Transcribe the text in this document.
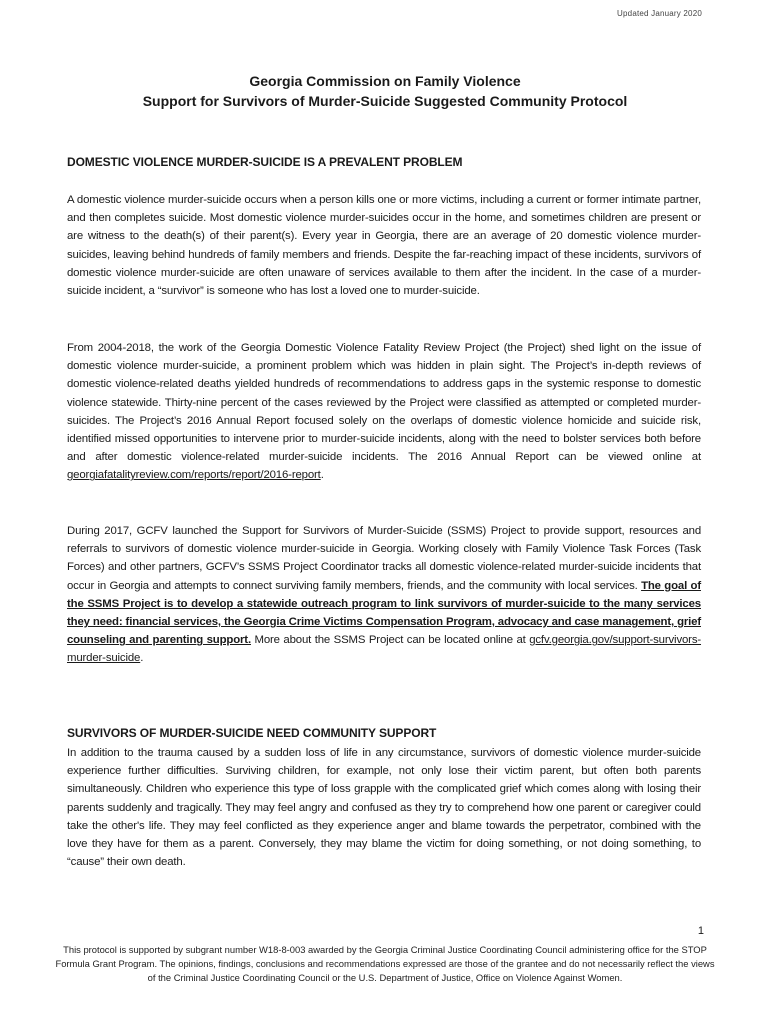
Updated January 2020
Georgia Commission on Family Violence
Support for Survivors of Murder-Suicide Suggested Community Protocol
DOMESTIC VIOLENCE MURDER-SUICIDE IS A PREVALENT PROBLEM

A domestic violence murder-suicide occurs when a person kills one or more victims, including a current or former intimate partner, and then completes suicide. Most domestic violence murder-suicides occur in the home, and sometimes children are present or are witness to the death(s) of their parent(s). Every year in Georgia, there are an average of 20 domestic violence murder-suicides, leaving behind hundreds of family members and friends. Despite the far-reaching impact of these incidents, survivors of domestic violence murder-suicide are often unaware of services available to them after the incident. In the case of a murder-suicide incident, a “survivor” is someone who has lost a loved one to murder-suicide.

From 2004-2018, the work of the Georgia Domestic Violence Fatality Review Project (the Project) shed light on the issue of domestic violence murder-suicide, a prominent problem which was hidden in plain sight. The Project’s in-depth reviews of domestic violence-related deaths yielded hundreds of recommendations to address gaps in the systemic response to domestic violence statewide. Thirty-nine percent of the cases reviewed by the Project were classified as attempted or completed murder-suicides. The Project’s 2016 Annual Report focused solely on the overlaps of domestic violence homicide and suicide risk, identified missed opportunities to intervene prior to murder-suicide incidents, along with the need to bolster services both before and after domestic violence-related murder-suicide incidents. The 2016 Annual Report can be viewed online at georgiafatalityreview.com/reports/report/2016-report.

During 2017, GCFV launched the Support for Survivors of Murder-Suicide (SSMS) Project to provide support, resources and referrals to survivors of domestic violence murder-suicide in Georgia. Working closely with Family Violence Task Forces (Task Forces) and other partners, GCFV’s SSMS Project Coordinator tracks all domestic violence-related murder-suicide incidents that occur in Georgia and attempts to connect surviving family members, friends, and the community with local services. The goal of the SSMS Project is to develop a statewide outreach program to link survivors of murder-suicide to the many services they need: financial services, the Georgia Crime Victims Compensation Program, advocacy and case management, grief counseling and parenting support. More about the SSMS Project can be located online at gcfv.georgia.gov/support-survivors-murder-suicide.

SURVIVORS OF MURDER-SUICIDE NEED COMMUNITY SUPPORT

In addition to the trauma caused by a sudden loss of life in any circumstance, survivors of domestic violence murder-suicide experience further difficulties. Surviving children, for example, not only lose their victim parent, but often both parents simultaneously. Children who experience this type of loss grapple with the complicated grief which comes along with losing their parents suddenly and tragically. They may feel angry and confused as they try to comprehend how one parent or caregiver could take the other's life. They may feel conflicted as they experience anger and blame towards the perpetrator, combined with the love they have for them as a parent. Conversely, they may blame the victim for doing something, or not doing something, to “cause” their own death.

1
This protocol is supported by subgrant number W18-8-003 awarded by the Georgia Criminal Justice Coordinating Council administering office for the STOP Formula Grant Program. The opinions, findings, conclusions and recommendations expressed are those of the grantee and do not necessarily reflect the views of the Criminal Justice Coordinating Council or the U.S. Department of Justice, Office on Violence Against Women.
